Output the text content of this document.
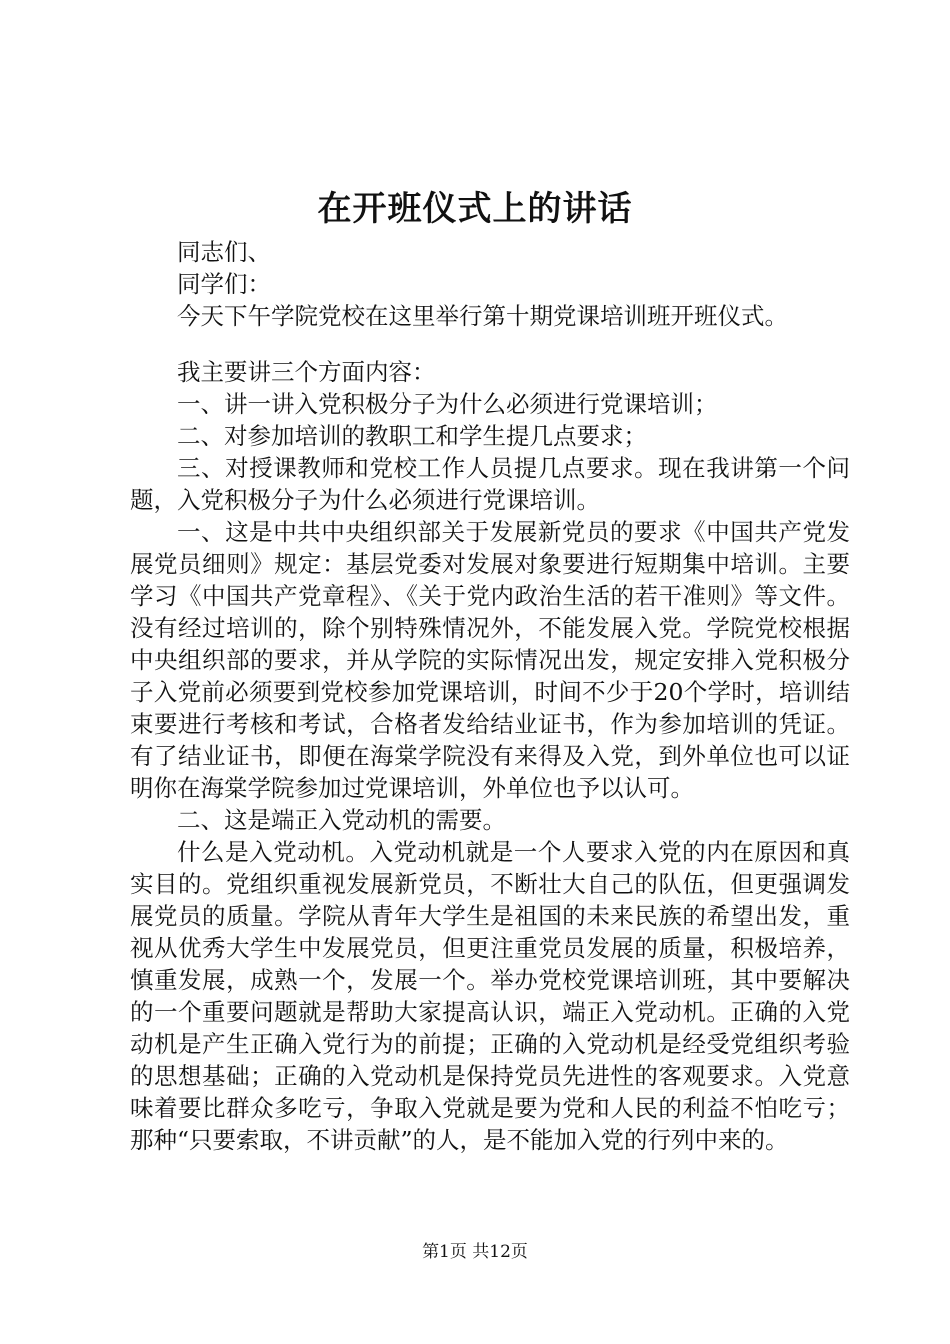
在开班仪式上的讲话

同志们、

同学们：

今天下午学院党校在这里举行第十期党课培训班开班仪式。

我主要讲三个方面内容：

一、讲一讲入党积极分子为什么必须进行党课培训；

二、对参加培训的教职工和学生提几点要求；

三、对授课教师和党校工作人员提几点要求。现在我讲第一个问题，入党积极分子为什么必须进行党课培训。

一、这是中共中央组织部关于发展新党员的要求《中国共产党发展党员细则》规定：基层党委对发展对象要进行短期集中培训。主要学习《中国共产党章程》、《关于党内政治生活的若干准则》等文件。没有经过培训的，除个别特殊情况外，不能发展入党。学院党校根据中央组织部的要求，并从学院的实际情况出发，规定安排入党积极分子入党前必须要到党校参加党课培训，时间不少于20个学时，培训结束要进行考核和考试，合格者发给结业证书，作为参加培训的凭证。有了结业证书，即便在海棠学院没有来得及入党，到外单位也可以证明你在海棠学院参加过党课培训，外单位也予以认可。

二、这是端正入党动机的需要。

什么是入党动机。入党动机就是一个人要求入党的内在原因和真实目的。党组织重视发展新党员，不断壮大自己的队伍，但更强调发展党员的质量。学院从青年大学生是祖国的未来民族的希望出发，重视从优秀大学生中发展党员，但更注重党员发展的质量，积极培养，慎重发展，成熟一个，发展一个。举办党校党课培训班，其中要解决的一个重要问题就是帮助大家提高认识，端正入党动机。正确的入党动机是产生正确入党行为的前提；正确的入党动机是经受党组织考验的思想基础；正确的入党动机是保持党员先进性的客观要求。入党意味着要比群众多吃亏，争取入党就是要为党和人民的利益不怕吃亏；那种“只要索取，不讲贡献”的人，是不能加入党的行列中来的。

第1页 共12页
